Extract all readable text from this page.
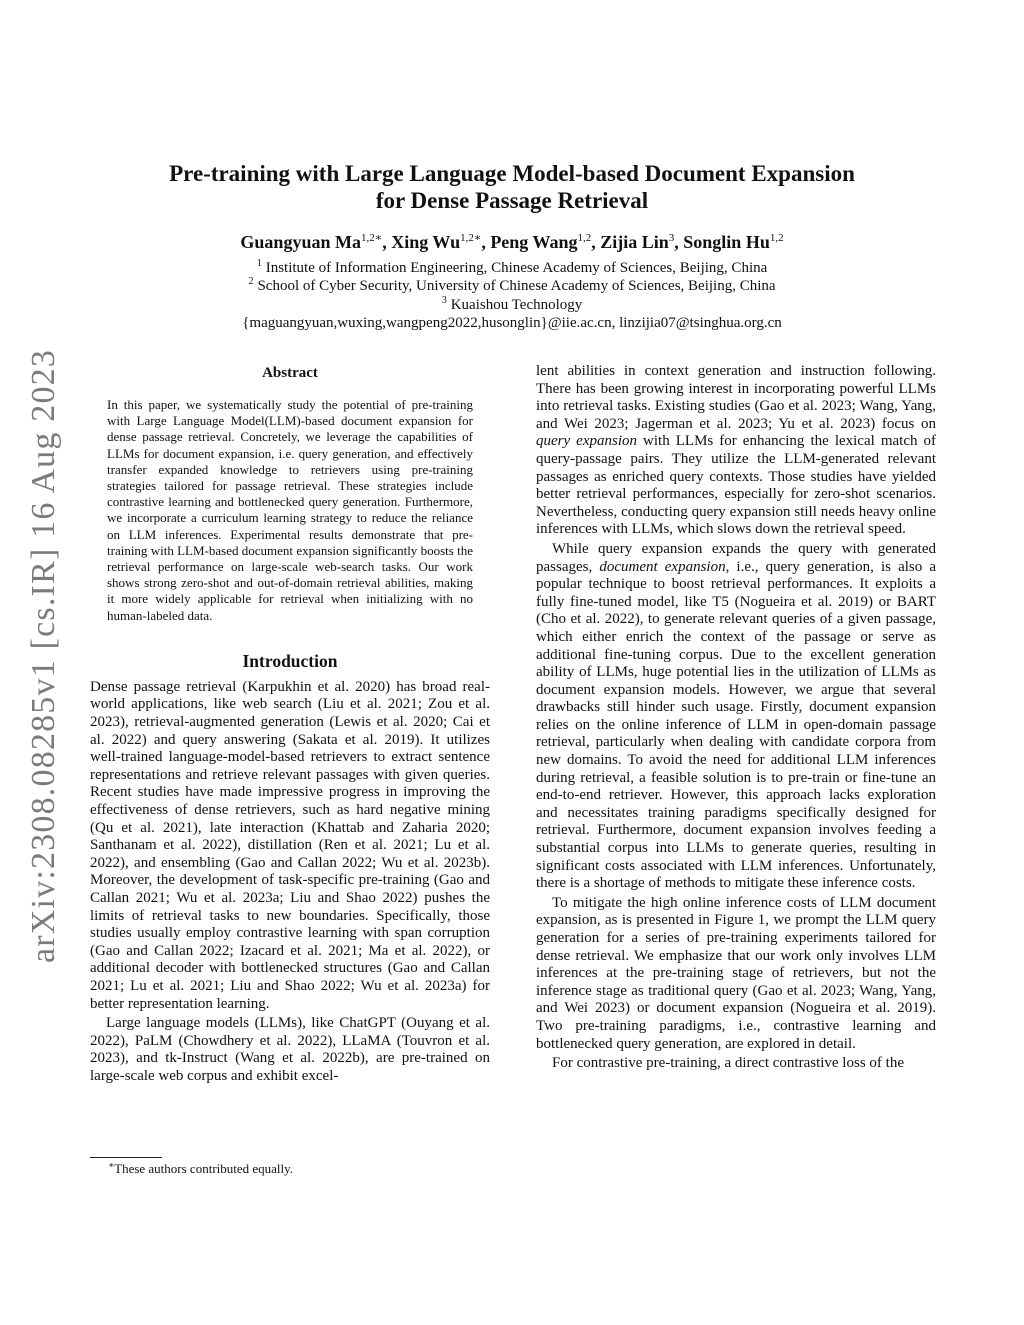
arXiv:2308.08285v1 [cs.IR] 16 Aug 2023
Pre-training with Large Language Model-based Document Expansion
for Dense Passage Retrieval
Guangyuan $Ma^{1,2∗}$, Xing $Wu^{1,2∗}$, Peng Wang$^{1,2}$, Zijia Lin$^3$, Songlin Hu$^{1,2}$
$^1$ Institute of Information Engineering, Chinese Academy of Sciences, Beijing, China
$^2$ School of Cyber Security, University of Chinese Academy of Sciences, Beijing, China
$^3$ Kuaishou Technology
{maguangyuan,wuxing,wangpeng2022,husonglin}@iie.ac.cn, linzijia07@tsinghua.org.cn
Abstract

In this paper, we systematically study the potential of pre-training with Large Language Model(LLM)-based document expansion for dense passage retrieval. Concretely, we leverage the capabilities of LLMs for document expansion, i.e. query generation, and effectively transfer expanded knowledge to retrievers using pre-training strategies tailored for passage retrieval. These strategies include contrastive learning and bottlenecked query generation. Furthermore, we incorporate a curriculum learning strategy to reduce the reliance on LLM inferences. Experimental results demonstrate that pre-training with LLM-based document expansion significantly boosts the retrieval performance on large-scale web-search tasks. Our work shows strong zero-shot and out-of-domain retrieval abilities, making it more widely applicable for retrieval when initializing with no human-labeled data.

Introduction

Dense passage retrieval (Karpukhin et al. 2020) has broad real-world applications, like web search (Liu et al. 2021; Zou et al. 2023), retrieval-augmented generation (Lewis et al. 2020; Cai et al. 2022) and query answering (Sakata et al. 2019). It utilizes well-trained language-model-based retrievers to extract sentence representations and retrieve relevant passages with given queries. Recent studies have made impressive progress in improving the effectiveness of dense retrievers, such as hard negative mining (Qu et al. 2021), late interaction (Khattab and Zaharia 2020; Santhanam et al. 2022), distillation (Ren et al. 2021; Lu et al. 2022), and ensembling (Gao and Callan 2022; Wu et al. 2023b). Moreover, the development of task-specific pre-training (Gao and Callan 2021; Wu et al. 2023a; Liu and Shao 2022) pushes the limits of retrieval tasks to new boundaries. Specifically, those studies usually employ contrastive learning with span corruption (Gao and Callan 2022; Izacard et al. 2021; Ma et al. 2022), or additional decoder with bottlenecked structures (Gao and Callan 2021; Lu et al. 2021; Liu and Shao 2022; Wu et al. 2023a) for better representation learning.

Large language models (LLMs), like ChatGPT (Ouyang et al. 2022), PaLM (Chowdhery et al. 2022), LLaMA (Touvron et al. 2023), and tk-Instruct (Wang et al. 2022b), are pre-trained on large-scale web corpus and exhibit excel-

∗These authors contributed equally.

lent abilities in context generation and instruction following. There has been growing interest in incorporating powerful LLMs into retrieval tasks. Existing studies (Gao et al. 2023; Wang, Yang, and Wei 2023; Jagerman et al. 2023; Yu et al. 2023) focus on query expansion with LLMs for enhancing the lexical match of query-passage pairs. They utilize the LLM-generated relevant passages as enriched query contexts. Those studies have yielded better retrieval performances, especially for zero-shot scenarios. Nevertheless, conducting query expansion still needs heavy online inferences with LLMs, which slows down the retrieval speed.

While query expansion expands the query with generated passages, document expansion, i.e., query generation, is also a popular technique to boost retrieval performances. It exploits a fully fine-tuned model, like T5 (Nogueira et al. 2019) or BART (Cho et al. 2022), to generate relevant queries of a given passage, which either enrich the context of the passage or serve as additional fine-tuning corpus. Due to the excellent generation ability of LLMs, huge potential lies in the utilization of LLMs as document expansion models. However, we argue that several drawbacks still hinder such usage. Firstly, document expansion relies on the online inference of LLM in open-domain passage retrieval, particularly when dealing with candidate corpora from new domains. To avoid the need for additional LLM inferences during retrieval, a feasible solution is to pre-train or fine-tune an end-to-end retriever. However, this approach lacks exploration and necessitates training paradigms specifically designed for retrieval. Furthermore, document expansion involves feeding a substantial corpus into LLMs to generate queries, resulting in significant costs associated with LLM inferences. Unfortunately, there is a shortage of methods to mitigate these inference costs.

To mitigate the high online inference costs of LLM document expansion, as is presented in Figure 1, we prompt the LLM query generation for a series of pre-training experiments tailored for dense retrieval. We emphasize that our work only involves LLM inferences at the pre-training stage of retrievers, but not the inference stage as traditional query (Gao et al. 2023; Wang, Yang, and Wei 2023) or document expansion (Nogueira et al. 2019). Two pre-training paradigms, i.e., contrastive learning and bottlenecked query generation, are explored in detail.

For contrastive pre-training, a direct contrastive loss of the
